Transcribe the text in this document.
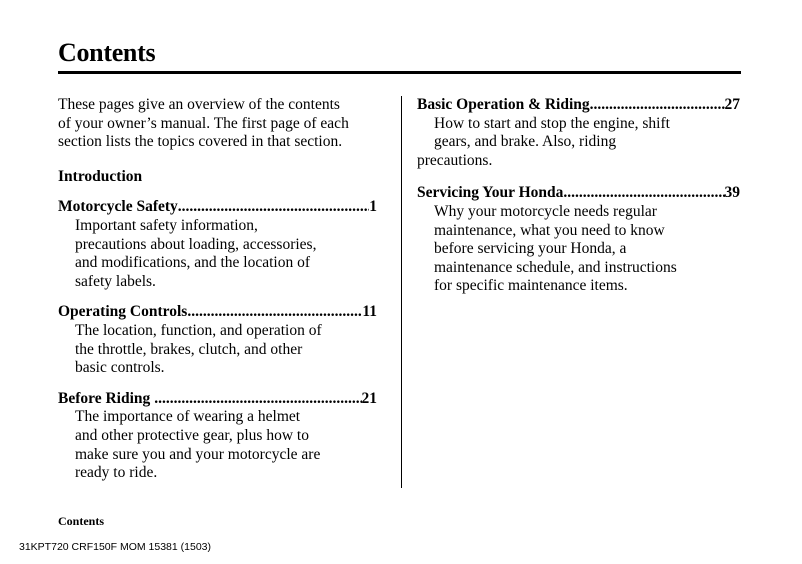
Contents
These pages give an overview of the contents
of your owner’s manual. The first page of each
section lists the topics covered in that section.
Introduction
Motorcycle Safety .....	1
Important safety information,
precautions about loading, accessories,
and modifications, and the location of
safety labels.
Operating Controls .....	11
The location, function, and operation of
the throttle, brakes, clutch, and other
basic controls.
Before Riding .....	21
The importance of wearing a helmet
and other protective gear, plus how to
make sure you and your motorcycle are
ready to ride.
Basic Operation & Riding .....	27
How to start and stop the engine, shift
gears, and brake. Also, riding
precautions.
Servicing Your Honda .....	39
Why your motorcycle needs regular
maintenance, what you need to know
before servicing your Honda, a
maintenance schedule, and instructions
for specific maintenance items.
Contents
31KPT720 CRF150F MOM 15381 (1503)
